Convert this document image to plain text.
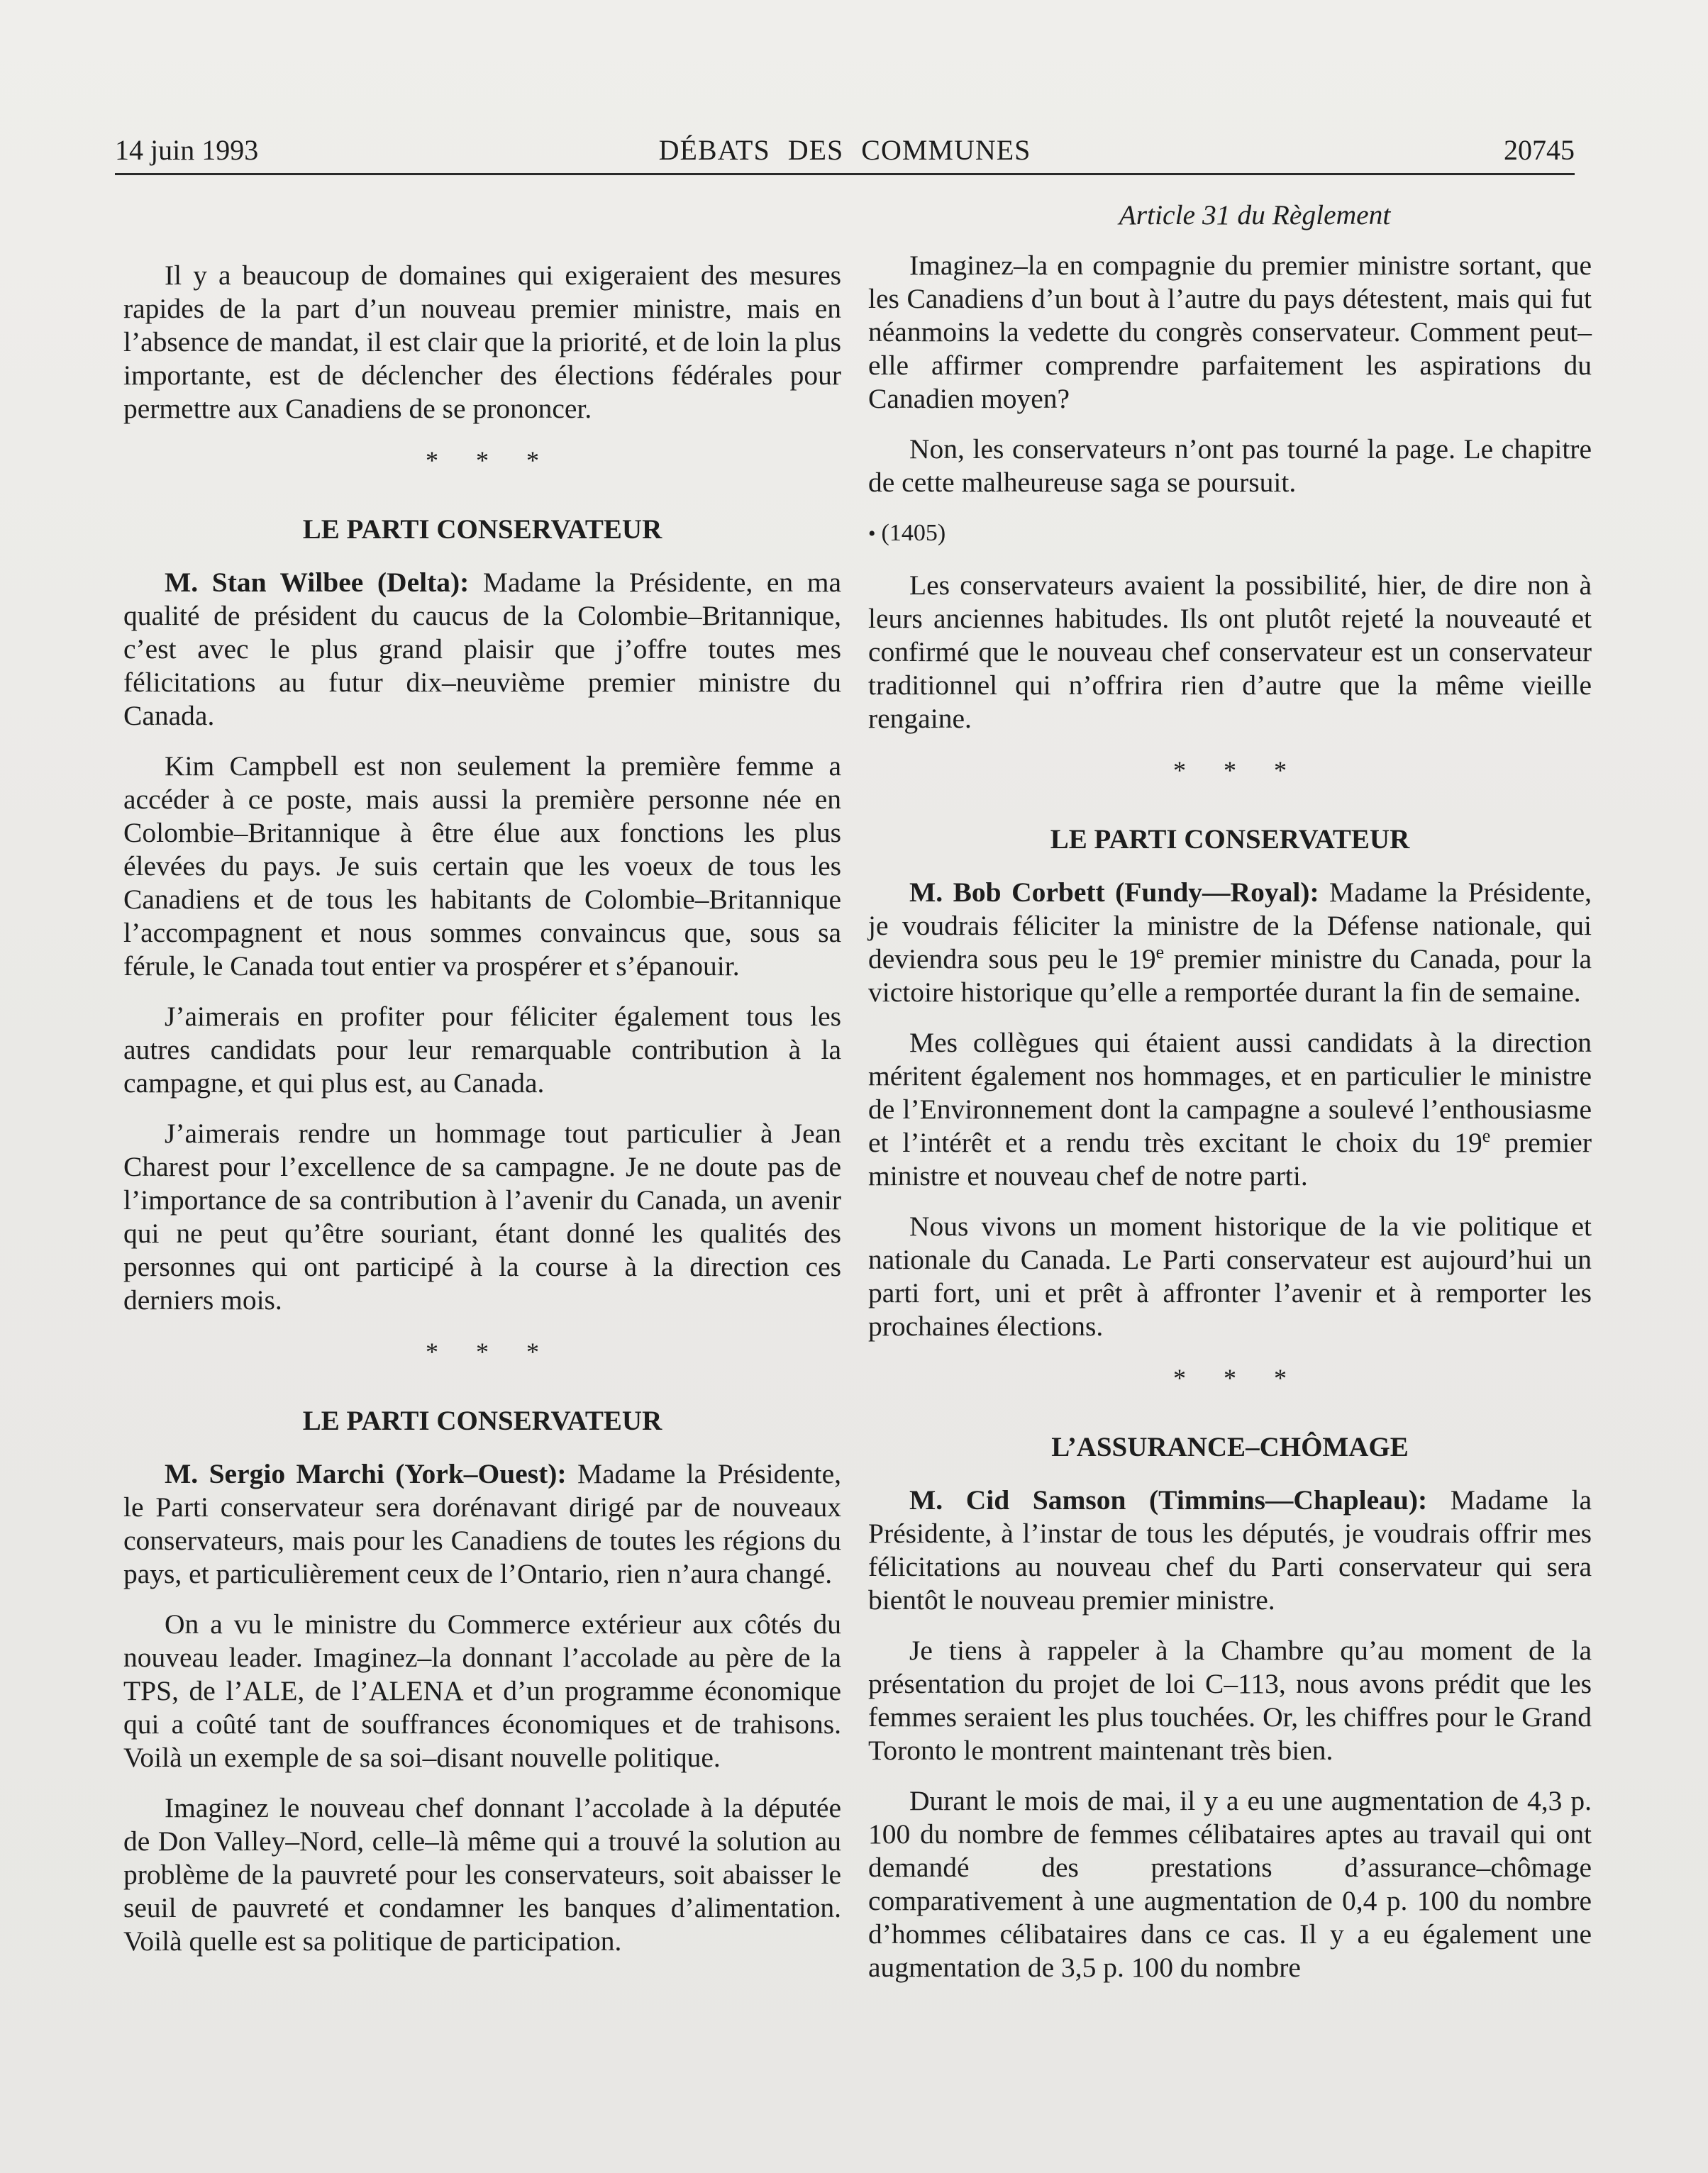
14 juin 1993	DÉBATS DES COMMUNES	20745

Il y a beaucoup de domaines qui exigeraient des mesures rapides de la part d’un nouveau premier ministre, mais en l’absence de mandat, il est clair que la priorité, et de loin la plus importante, est de déclencher des élections fédérales pour permettre aux Canadiens de se prononcer.

* * *
LE PARTI CONSERVATEUR

M. Stan Wilbee (Delta): Madame la Présidente, en ma qualité de président du caucus de la Colombie–Britannique, c’est avec le plus grand plaisir que j’offre toutes mes félicitations au futur dix–neuvième premier ministre du Canada.

Kim Campbell est non seulement la première femme a accéder à ce poste, mais aussi la première personne née en Colombie–Britannique à être élue aux fonctions les plus élevées du pays. Je suis certain que les voeux de tous les Canadiens et de tous les habitants de Colombie–Britannique l’accompagnent et nous sommes convaincus que, sous sa férule, le Canada tout entier va prospérer et s’épanouir.

J’aimerais en profiter pour féliciter également tous les autres candidats pour leur remarquable contribution à la campagne, et qui plus est, au Canada.

J’aimerais rendre un hommage tout particulier à Jean Charest pour l’excellence de sa campagne. Je ne doute pas de l’importance de sa contribution à l’avenir du Canada, un avenir qui ne peut qu’être souriant, étant donné les qualités des personnes qui ont participé à la course à la direction ces derniers mois.

* * *
LE PARTI CONSERVATEUR

M. Sergio Marchi (York–Ouest): Madame la Présidente, le Parti conservateur sera dorénavant dirigé par de nouveaux conservateurs, mais pour les Canadiens de toutes les régions du pays, et particulièrement ceux de l’Ontario, rien n’aura changé.

On a vu le ministre du Commerce extérieur aux côtés du nouveau leader. Imaginez–la donnant l’accolade au père de la TPS, de l’ALE, de l’ALENA et d’un programme économique qui a coûté tant de souffrances économiques et de trahisons. Voilà un exemple de sa soi–disant nouvelle politique.

Imaginez le nouveau chef donnant l’accolade à la députée de Don Valley–Nord, celle–là même qui a trouvé la solution au problème de la pauvreté pour les conservateurs, soit abaisser le seuil de pauvreté et condamner les banques d’alimentation. Voilà quelle est sa politique de participation.

Article 31 du Règlement

Imaginez–la en compagnie du premier ministre sortant, que les Canadiens d’un bout à l’autre du pays détestent, mais qui fut néanmoins la vedette du congrès conservateur. Comment peut–elle affirmer comprendre parfaitement les aspirations du Canadien moyen?

Non, les conservateurs n’ont pas tourné la page. Le chapitre de cette malheureuse saga se poursuit.

• (1405)

Les conservateurs avaient la possibilité, hier, de dire non à leurs anciennes habitudes. Ils ont plutôt rejeté la nouveauté et confirmé que le nouveau chef conservateur est un conservateur traditionnel qui n’offrira rien d’autre que la même vieille rengaine.

* * *
LE PARTI CONSERVATEUR

M. Bob Corbett (Fundy—Royal): Madame la Présidente, je voudrais féliciter la ministre de la Défense nationale, qui deviendra sous peu le 19e premier ministre du Canada, pour la victoire historique qu’elle a remportée durant la fin de semaine.

Mes collègues qui étaient aussi candidats à la direction méritent également nos hommages, et en particulier le ministre de l’Environnement dont la campagne a soulevé l’enthousiasme et l’intérêt et a rendu très excitant le choix du 19e premier ministre et nouveau chef de notre parti.

Nous vivons un moment historique de la vie politique et nationale du Canada. Le Parti conservateur est aujourd’hui un parti fort, uni et prêt à affronter l’avenir et à remporter les prochaines élections.

* * *
L’ASSURANCE–CHÔMAGE

M. Cid Samson (Timmins—Chapleau): Madame la Présidente, à l’instar de tous les députés, je voudrais offrir mes félicitations au nouveau chef du Parti conservateur qui sera bientôt le nouveau premier ministre.

Je tiens à rappeler à la Chambre qu’au moment de la présentation du projet de loi C–113, nous avons prédit que les femmes seraient les plus touchées. Or, les chiffres pour le Grand Toronto le montrent maintenant très bien.

Durant le mois de mai, il y a eu une augmentation de 4,3 p. 100 du nombre de femmes célibataires aptes au travail qui ont demandé des prestations d’assurance–chômage comparativement à une augmentation de 0,4 p. 100 du nombre d’hommes célibataires dans ce cas. Il y a eu également une augmentation de 3,5 p. 100 du nombre
